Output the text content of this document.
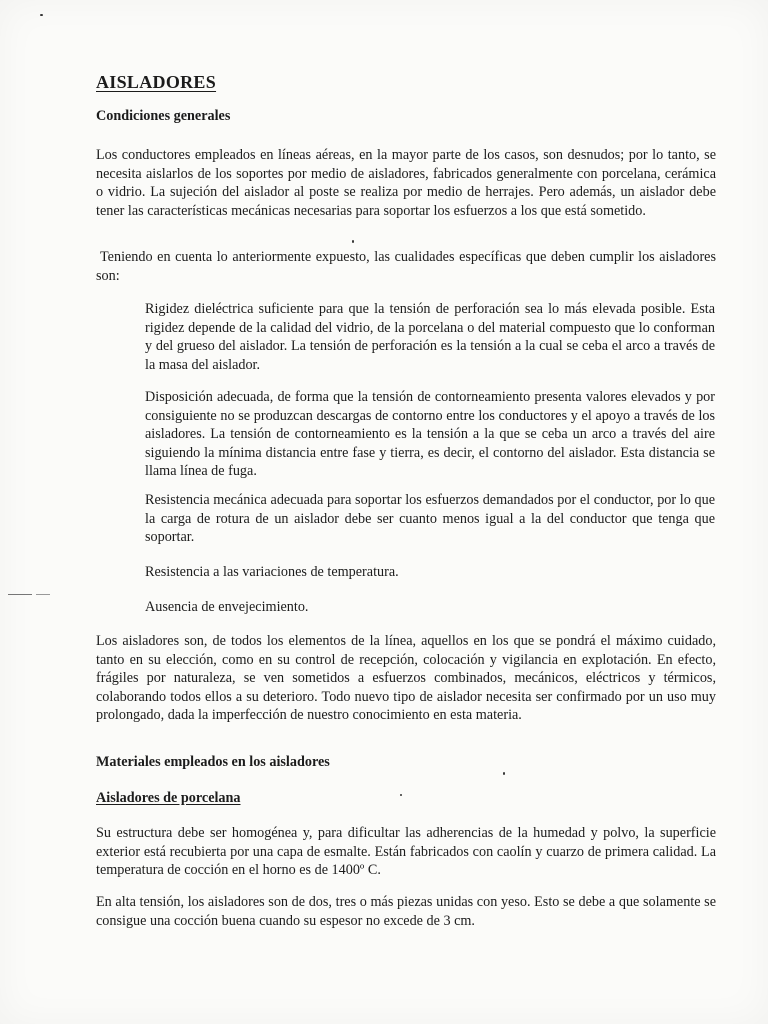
AISLADORES
Condiciones generales

Los conductores empleados en líneas aéreas, en la mayor parte de los casos, son desnudos; por lo tanto, se necesita aislarlos de los soportes por medio de aisladores, fabricados generalmente con porcelana, cerámica o vidrio. La sujeción del aislador al poste se realiza por medio de herrajes. Pero además, un aislador debe tener las características mecánicas necesarias para soportar los esfuerzos a los que está sometido.

Teniendo en cuenta lo anteriormente expuesto, las cualidades específicas que deben cumplir los aisladores son:

Rigidez dieléctrica suficiente para que la tensión de perforación sea lo más elevada posible. Esta rigidez depende de la calidad del vidrio, de la porcelana o del material compuesto que lo conforman y del grueso del aislador. La tensión de perforación es la tensión a la cual se ceba el arco a través de la masa del aislador.

Disposición adecuada, de forma que la tensión de contorneamiento presenta valores elevados y por consiguiente no se produzcan descargas de contorno entre los conductores y el apoyo a través de los aisladores. La tensión de contorneamiento es la tensión a la que se ceba un arco a través del aire siguiendo la mínima distancia entre fase y tierra, es decir, el contorno del aislador. Esta distancia se llama línea de fuga.

Resistencia mecánica adecuada para soportar los esfuerzos demandados por el conductor, por lo que la carga de rotura de un aislador debe ser cuanto menos igual a la del conductor que tenga que soportar.

Resistencia a las variaciones de temperatura.

Ausencia de envejecimiento.

Los aisladores son, de todos los elementos de la línea, aquellos en los que se pondrá el máximo cuidado, tanto en su elección, como en su control de recepción, colocación y vigilancia en explotación. En efecto, frágiles por naturaleza, se ven sometidos a esfuerzos combinados, mecánicos, eléctricos y térmicos, colaborando todos ellos a su deterioro. Todo nuevo tipo de aislador necesita ser confirmado por un uso muy prolongado, dada la imperfección de nuestro conocimiento en esta materia.

Materiales empleados en los aisladores
Aisladores de porcelana

Su estructura debe ser homogénea y, para dificultar las adherencias de la humedad y polvo, la superficie exterior está recubierta por una capa de esmalte. Están fabricados con caolín y cuarzo de primera calidad. La temperatura de cocción en el horno es de 1400º C.

En alta tensión, los aisladores son de dos, tres o más piezas unidas con yeso. Esto se debe a que solamente se consigue una cocción buena cuando su espesor no excede de 3 cm.
